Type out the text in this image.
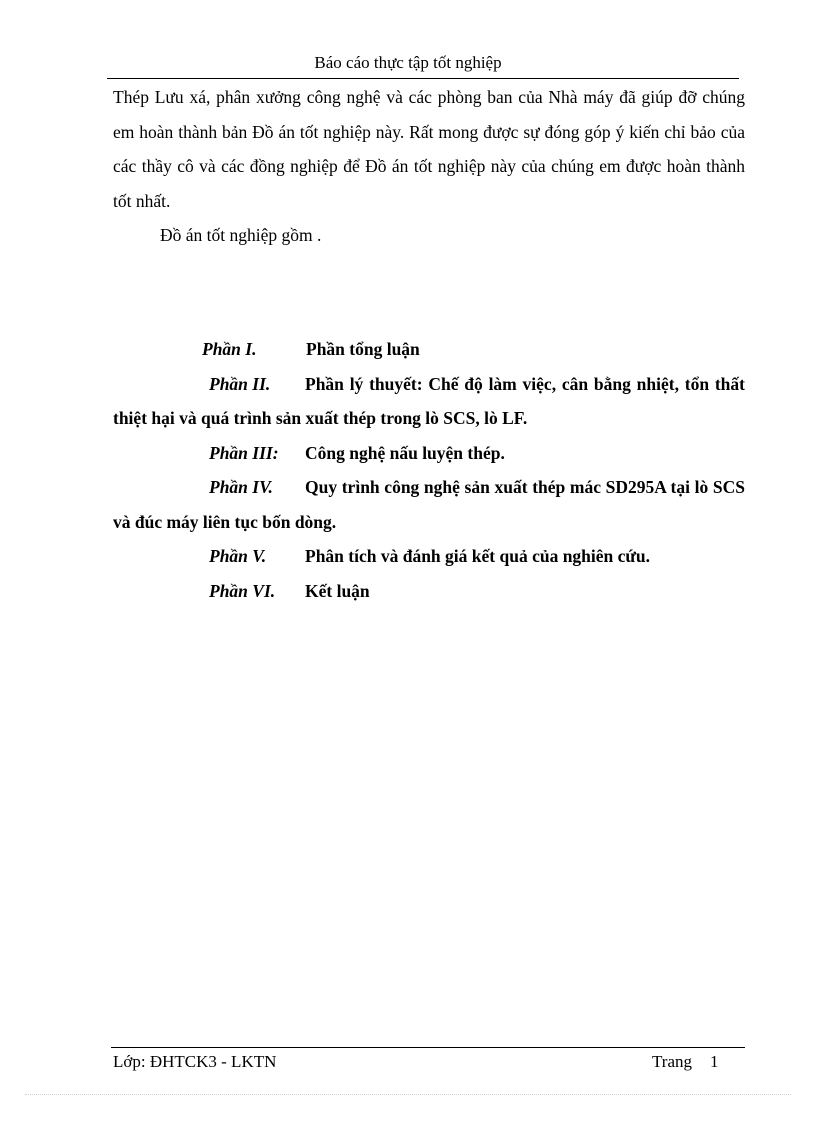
Báo cáo thực tập tốt nghiệp

Thép Lưu xá, phân xưởng công nghệ và các phòng ban của Nhà máy đã giúp đỡ chúng em hoàn thành bản Đồ án tốt nghiệp này. Rất mong được sự đóng góp ý kiến chỉ bảo của các thầy cô và các đồng nghiệp để Đồ án tốt nghiệp này của chúng em được hoàn thành tốt nhất.

Đồ án tốt nghiệp gồm .

Phần I.	Phần tổng luận
Phần II. Phần lý thuyết: Chế độ làm việc, cân bằng nhiệt, tổn thất thiệt hại và quá trình sản xuất thép trong lò SCS, lò LF.
Phần III:	Công nghệ nấu luyện thép.
Phần IV. Quy trình công nghệ sản xuất thép mác SD295A tại lò SCS và đúc máy liên tục bốn dòng.
Phần V.	Phân tích và đánh giá kết quả của nghiên cứu.
Phần VI.	Kết luận
Lớp: ĐHTCK3 - LKTN	Trang 1
